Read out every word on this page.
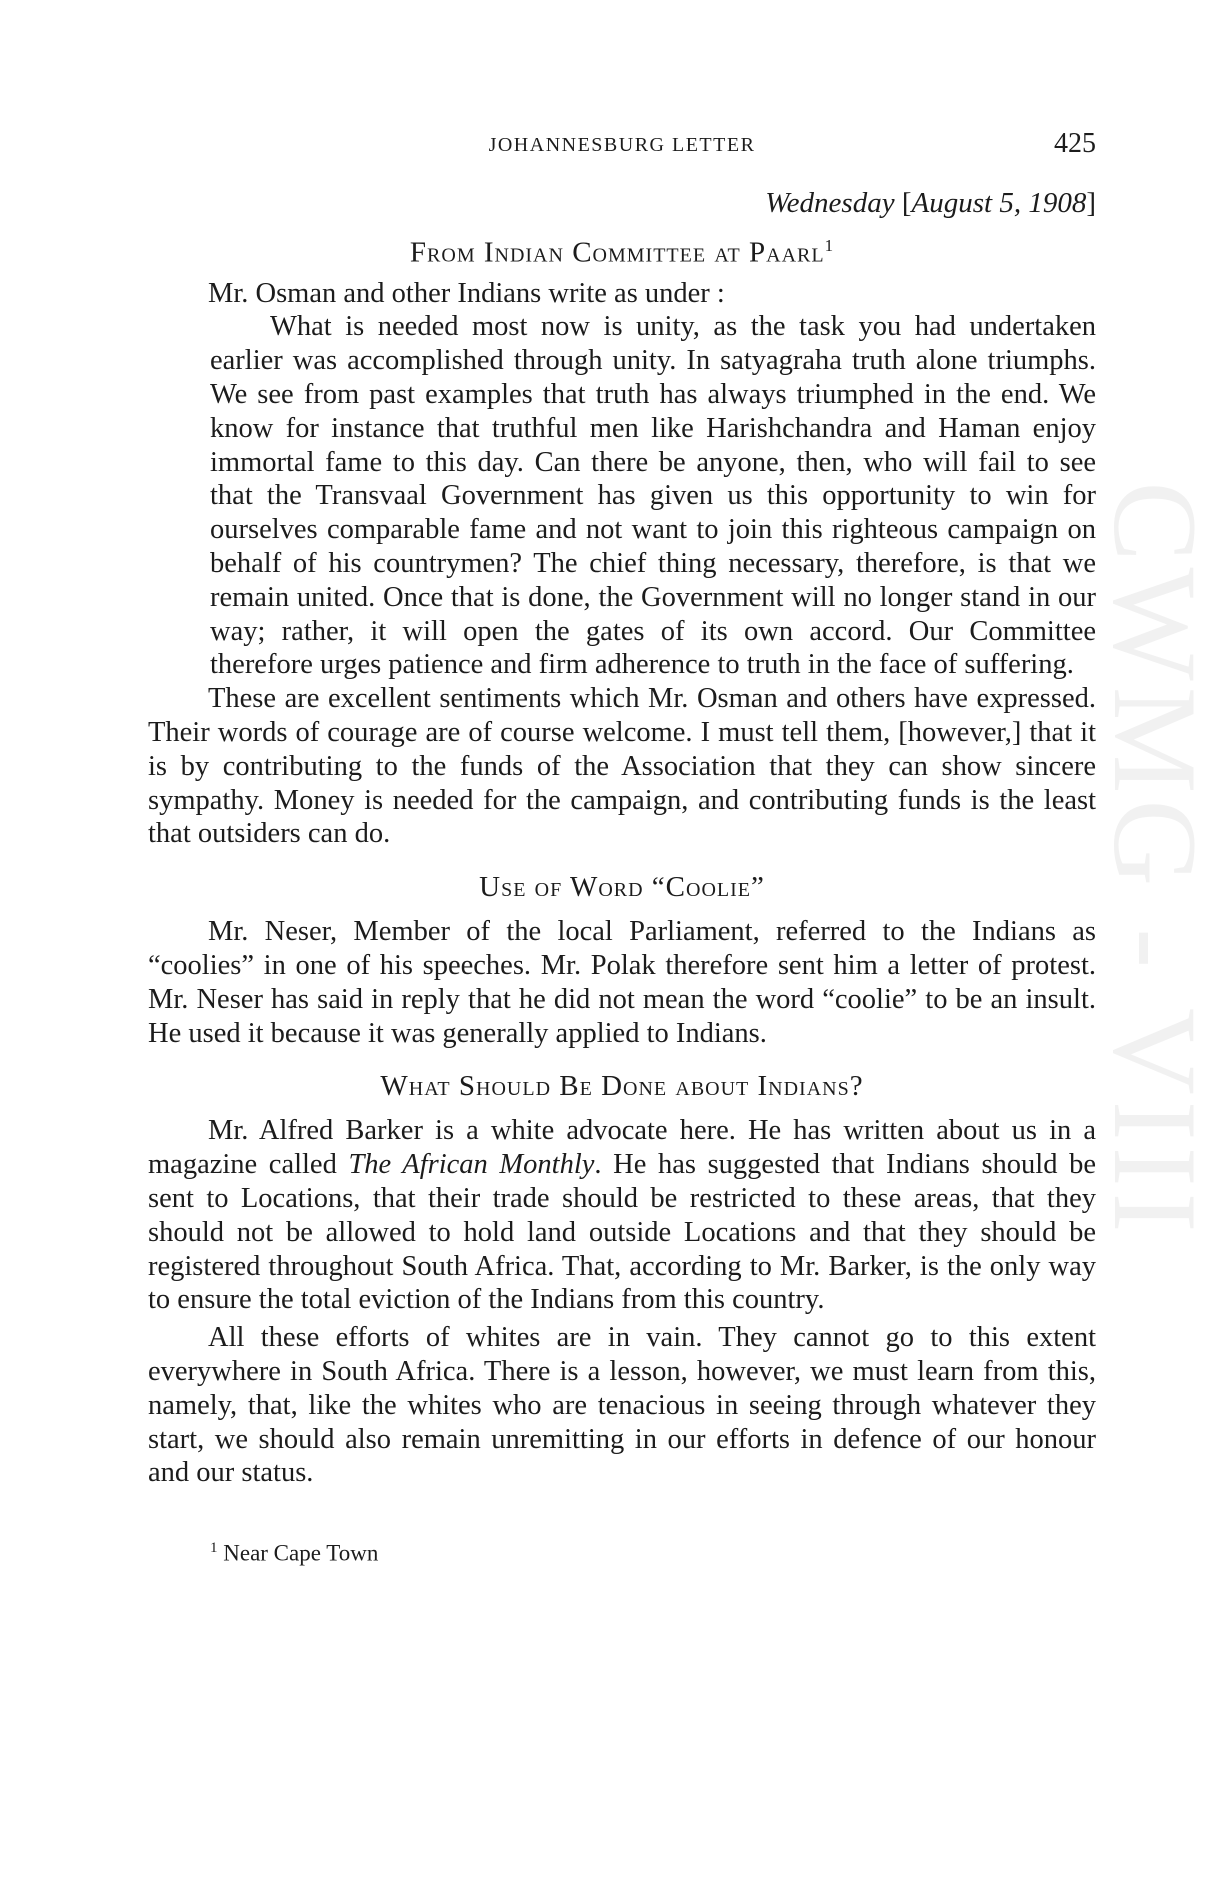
CWMG - VIII
JOHANNESBURG LETTER	425
Wednesday [August 5, 1908]
From Indian Committee at Paarl$^1$

Mr. Osman and other Indians write as under :

What is needed most now is unity, as the task you had undertaken earlier was accomplished through unity. In satyagraha truth alone triumphs. We see from past examples that truth has always triumphed in the end. We know for instance that truthful men like Harishchandra and Haman enjoy immortal fame to this day. Can there be anyone, then, who will fail to see that the Transvaal Government has given us this opportunity to win for ourselves comparable fame and not want to join this righteous campaign on behalf of his countrymen? The chief thing necessary, therefore, is that we remain united. Once that is done, the Government will no longer stand in our way; rather, it will open the gates of its own accord. Our Committee therefore urges patience and firm adherence to truth in the face of suffering.

These are excellent sentiments which Mr. Osman and others have expressed. Their words of courage are of course welcome. I must tell them, [however,] that it is by contributing to the funds of the Association that they can show sincere sympathy. Money is needed for the campaign, and contributing funds is the least that outsiders can do.

Use of Word “Coolie”

Mr. Neser, Member of the local Parliament, referred to the Indians as “coolies” in one of his speeches. Mr. Polak therefore sent him a letter of protest. Mr. Neser has said in reply that he did not mean the word “coolie” to be an insult. He used it because it was generally applied to Indians.

What Should Be Done about Indians?

Mr. Alfred Barker is a white advocate here. He has written about us in a magazine called The African Monthly. He has suggested that Indians should be sent to Locations, that their trade should be restricted to these areas, that they should not be allowed to hold land outside Locations and that they should be registered throughout South Africa. That, according to Mr. Barker, is the only way to ensure the total eviction of the Indians from this country.

All these efforts of whites are in vain. They cannot go to this extent everywhere in South Africa. There is a lesson, however, we must learn from this, namely, that, like the whites who are tenacious in seeing through whatever they start, we should also remain unremitting in our efforts in defence of our honour and our status.

$^1$ Near Cape Town
